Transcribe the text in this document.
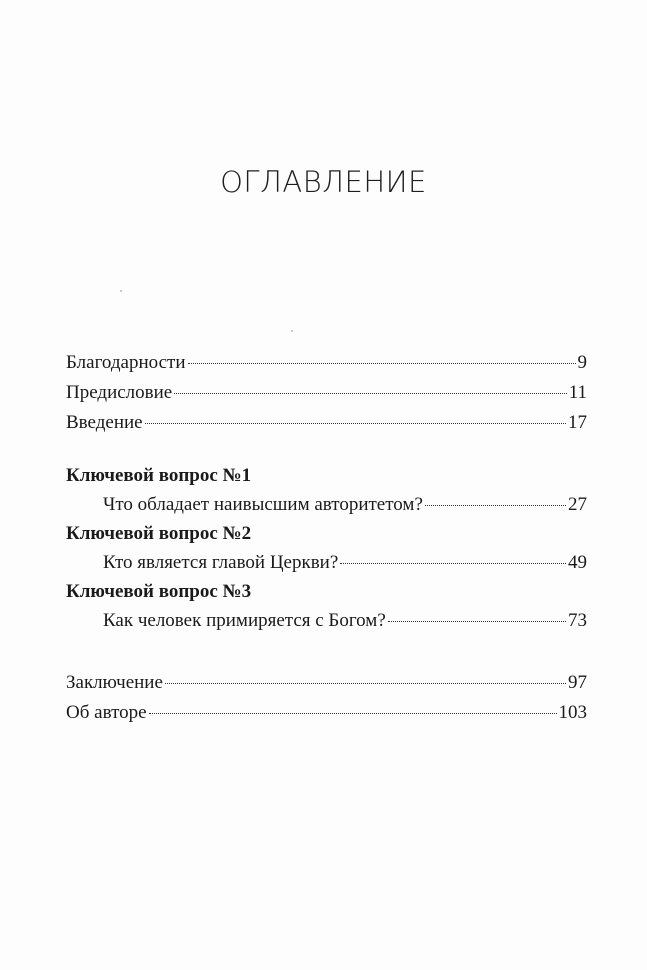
ОГЛАВЛЕНИЕ
Благодарности	9
Предисловие	11
Введение	17
Ключевой вопрос №1
Что обладает наивысшим авторитетом?	27
Ключевой вопрос №2
Кто является главой Церкви?	49
Ключевой вопрос №3
Как человек примиряется с Богом?	73
Заключение	97
Об авторе	103
